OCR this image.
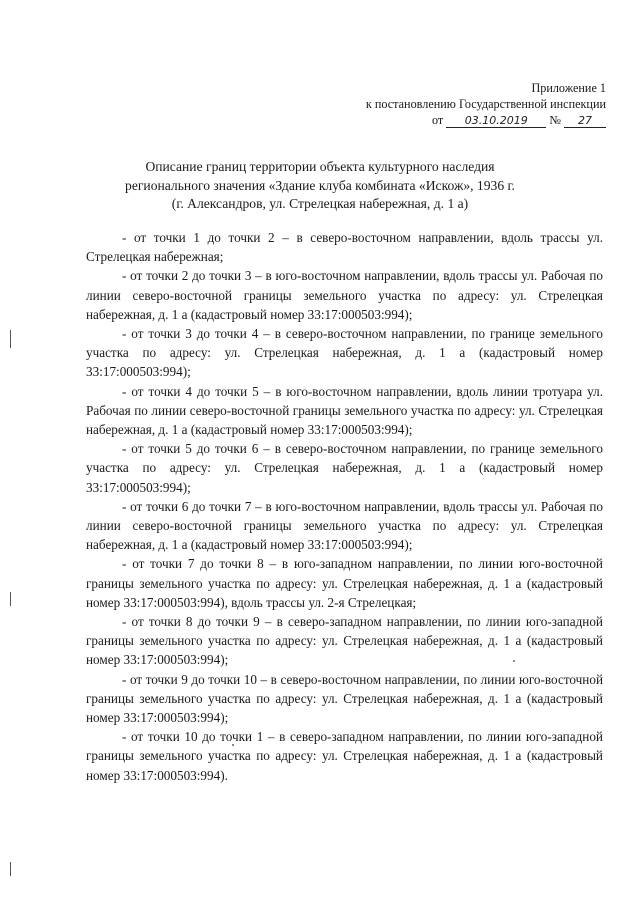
Приложение 1
к постановлению Государственной инспекции
от 03.10.2019 № 27
Описание границ территории объекта культурного наследия
регионального значения «Здание клуба комбината «Искож», 1936 г.
(г. Александров, ул. Стрелецкая набережная, д. 1 а)

- от точки 1 до точки 2 – в северо-восточном направлении, вдоль трассы ул. Стрелецкая набережная;

- от точки 2 до точки 3 – в юго-восточном направлении, вдоль трассы ул. Рабочая по линии северо-восточной границы земельного участка по адресу: ул. Стрелецкая набережная, д. 1 а (кадастровый номер 33:17:000503:994);

- от точки 3 до точки 4 – в северо-восточном направлении, по границе земельного участка по адресу: ул. Стрелецкая набережная, д. 1 а (кадастровый номер 33:17:000503:994);

- от точки 4 до точки 5 – в юго-восточном направлении, вдоль линии тротуара ул. Рабочая по линии северо-восточной границы земельного участка по адресу: ул. Стрелецкая набережная, д. 1 а (кадастровый номер 33:17:000503:994);

- от точки 5 до точки 6 – в северо-восточном направлении, по границе земельного участка по адресу: ул. Стрелецкая набережная, д. 1 а (кадастровый номер 33:17:000503:994);

- от точки 6 до точки 7 – в юго-восточном направлении, вдоль трассы ул. Рабочая по линии северо-восточной границы земельного участка по адресу: ул. Стрелецкая набережная, д. 1 а (кадастровый номер 33:17:000503:994);

- от точки 7 до точки 8 – в юго-западном направлении, по линии юго-восточной границы земельного участка по адресу: ул. Стрелецкая набережная, д. 1 а (кадастровый номер 33:17:000503:994), вдоль трассы ул. 2-я Стрелецкая;

- от точки 8 до точки 9 – в северо-западном направлении, по линии юго-западной границы земельного участка по адресу: ул. Стрелецкая набережная, д. 1 а (кадастровый номер 33:17:000503:994);

- от точки 9 до точки 10 – в северо-восточном направлении, по линии юго-восточной границы земельного участка по адресу: ул. Стрелецкая набережная, д. 1 а (кадастровый номер 33:17:000503:994);

- от точки 10 до точки 1 – в северо-западном направлении, по линии юго-западной границы земельного участка по адресу: ул. Стрелецкая набережная, д. 1 а (кадастровый номер 33:17:000503:994).
